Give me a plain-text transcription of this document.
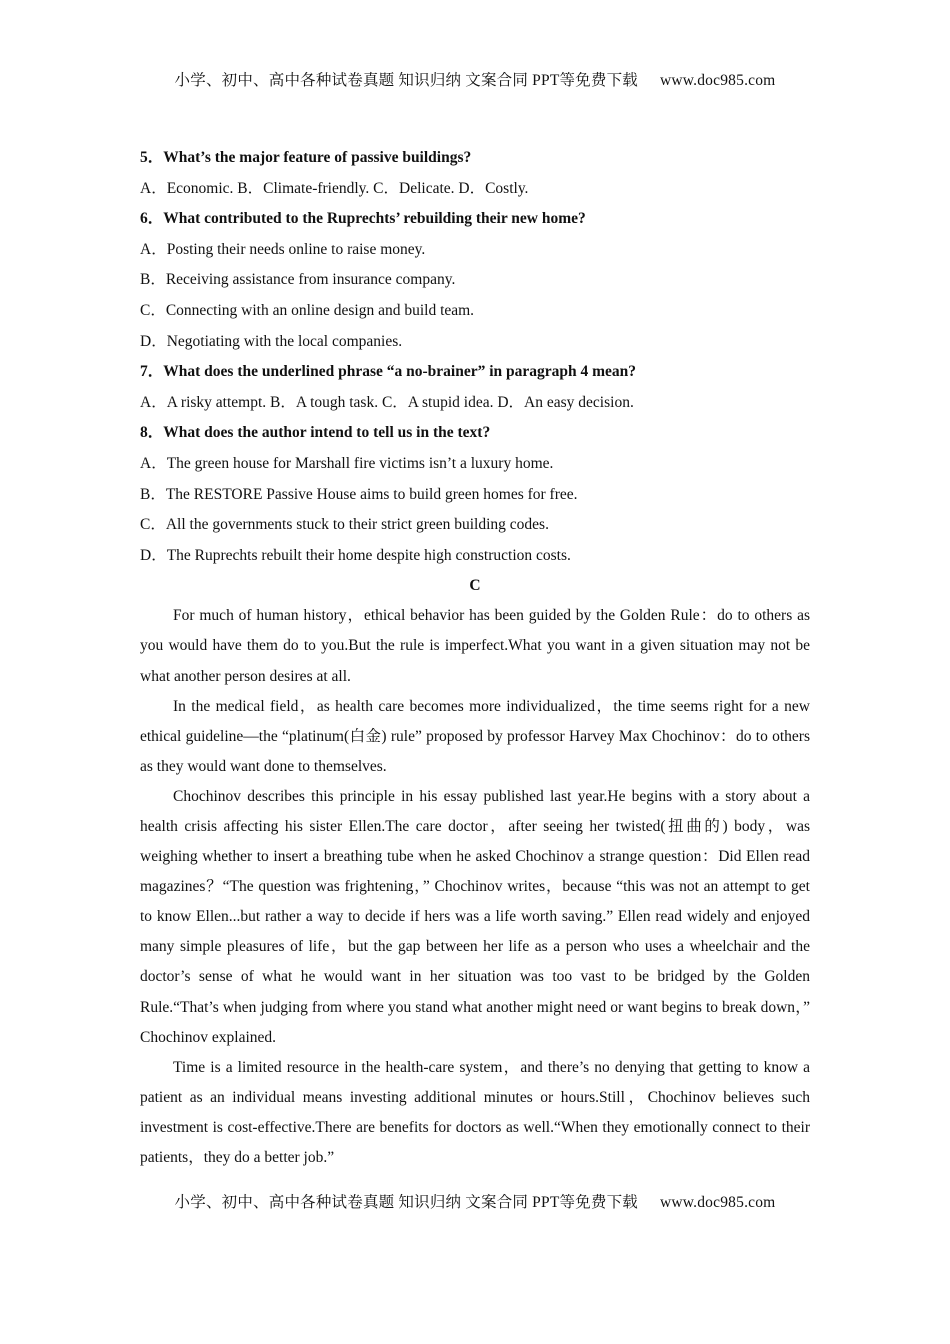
小学、初中、高中各种试卷真题 知识归纳 文案合同 PPT等免费下载 www.doc985.com
5．What’s the major feature of passive buildings?
A．Economic. B．Climate-friendly. C．Delicate. D．Costly.
6．What contributed to the Ruprechts’ rebuilding their new home?
A．Posting their needs online to raise money.
B．Receiving assistance from insurance company.
C．Connecting with an online design and build team.
D．Negotiating with the local companies.
7．What does the underlined phrase “a no-brainer” in paragraph 4 mean?
A．A risky attempt. B．A tough task. C．A stupid idea. D．An easy decision.
8．What does the author intend to tell us in the text?
A．The green house for Marshall fire victims isn’t a luxury home.
B．The RESTORE Passive House aims to build green homes for free.
C．All the governments stuck to their strict green building codes.
D．The Ruprechts rebuilt their home despite high construction costs.
C

For much of human history，ethical behavior has been guided by the Golden Rule：do to others as you would have them do to you.But the rule is imperfect.What you want in a given situation may not be what another person desires at all.

In the medical field，as health care becomes more individualized，the time seems right for a new ethical guideline—the “platinum(白金) rule” proposed by professor Harvey Max Chochinov：do to others as they would want done to themselves.

Chochinov describes this principle in his essay published last year.He begins with a story about a health crisis affecting his sister Ellen.The care doctor，after seeing her twisted(扭曲的) body，was weighing whether to insert a breathing tube when he asked Chochinov a strange question：Did Ellen read magazines？“The question was frightening，” Chochinov writes，because “this was not an attempt to get to know Ellen...but rather a way to decide if hers was a life worth saving.” Ellen read widely and enjoyed many simple pleasures of life，but the gap between her life as a person who uses a wheelchair and the doctor’s sense of what he would want in her situation was too vast to be bridged by the Golden Rule.“That’s when judging from where you stand what another might need or want begins to break down，” Chochinov explained.

Time is a limited resource in the health-care system，and there’s no denying that getting to know a patient as an individual means investing additional minutes or hours.Still，Chochinov believes such investment is cost-effective.There are benefits for doctors as well.“When they emotionally connect to their patients，they do a better job.”

小学、初中、高中各种试卷真题 知识归纳 文案合同 PPT等免费下载 www.doc985.com
